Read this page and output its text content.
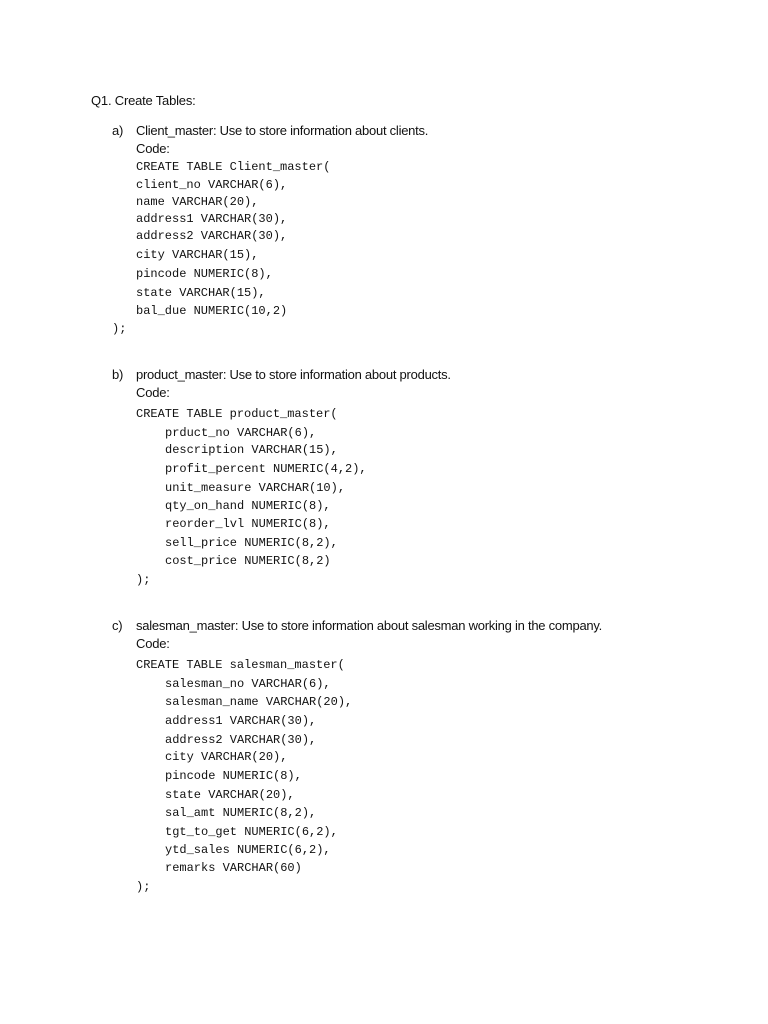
Q1. Create Tables:
a) Client_master: Use to store information about clients.
Code:
CREATE TABLE Client_master(
client_no VARCHAR(6),
name VARCHAR(20),
address1 VARCHAR(30),
address2 VARCHAR(30),
city VARCHAR(15),
pincode NUMERIC(8),
state VARCHAR(15),
bal_due NUMERIC(10,2)
);
b) product_master: Use to store information about products.
Code:
CREATE TABLE product_master(
prduct_no VARCHAR(6),
description VARCHAR(15),
profit_percent NUMERIC(4,2),
unit_measure VARCHAR(10),
qty_on_hand NUMERIC(8),
reorder_lvl NUMERIC(8),
sell_price NUMERIC(8,2),
cost_price NUMERIC(8,2)
);
c) salesman_master: Use to store information about salesman working in the company.
Code:
CREATE TABLE salesman_master(
salesman_no VARCHAR(6),
salesman_name VARCHAR(20),
address1 VARCHAR(30),
address2 VARCHAR(30),
city VARCHAR(20),
pincode NUMERIC(8),
state VARCHAR(20),
sal_amt NUMERIC(8,2),
tgt_to_get NUMERIC(6,2),
ytd_sales NUMERIC(6,2),
remarks VARCHAR(60)
);
